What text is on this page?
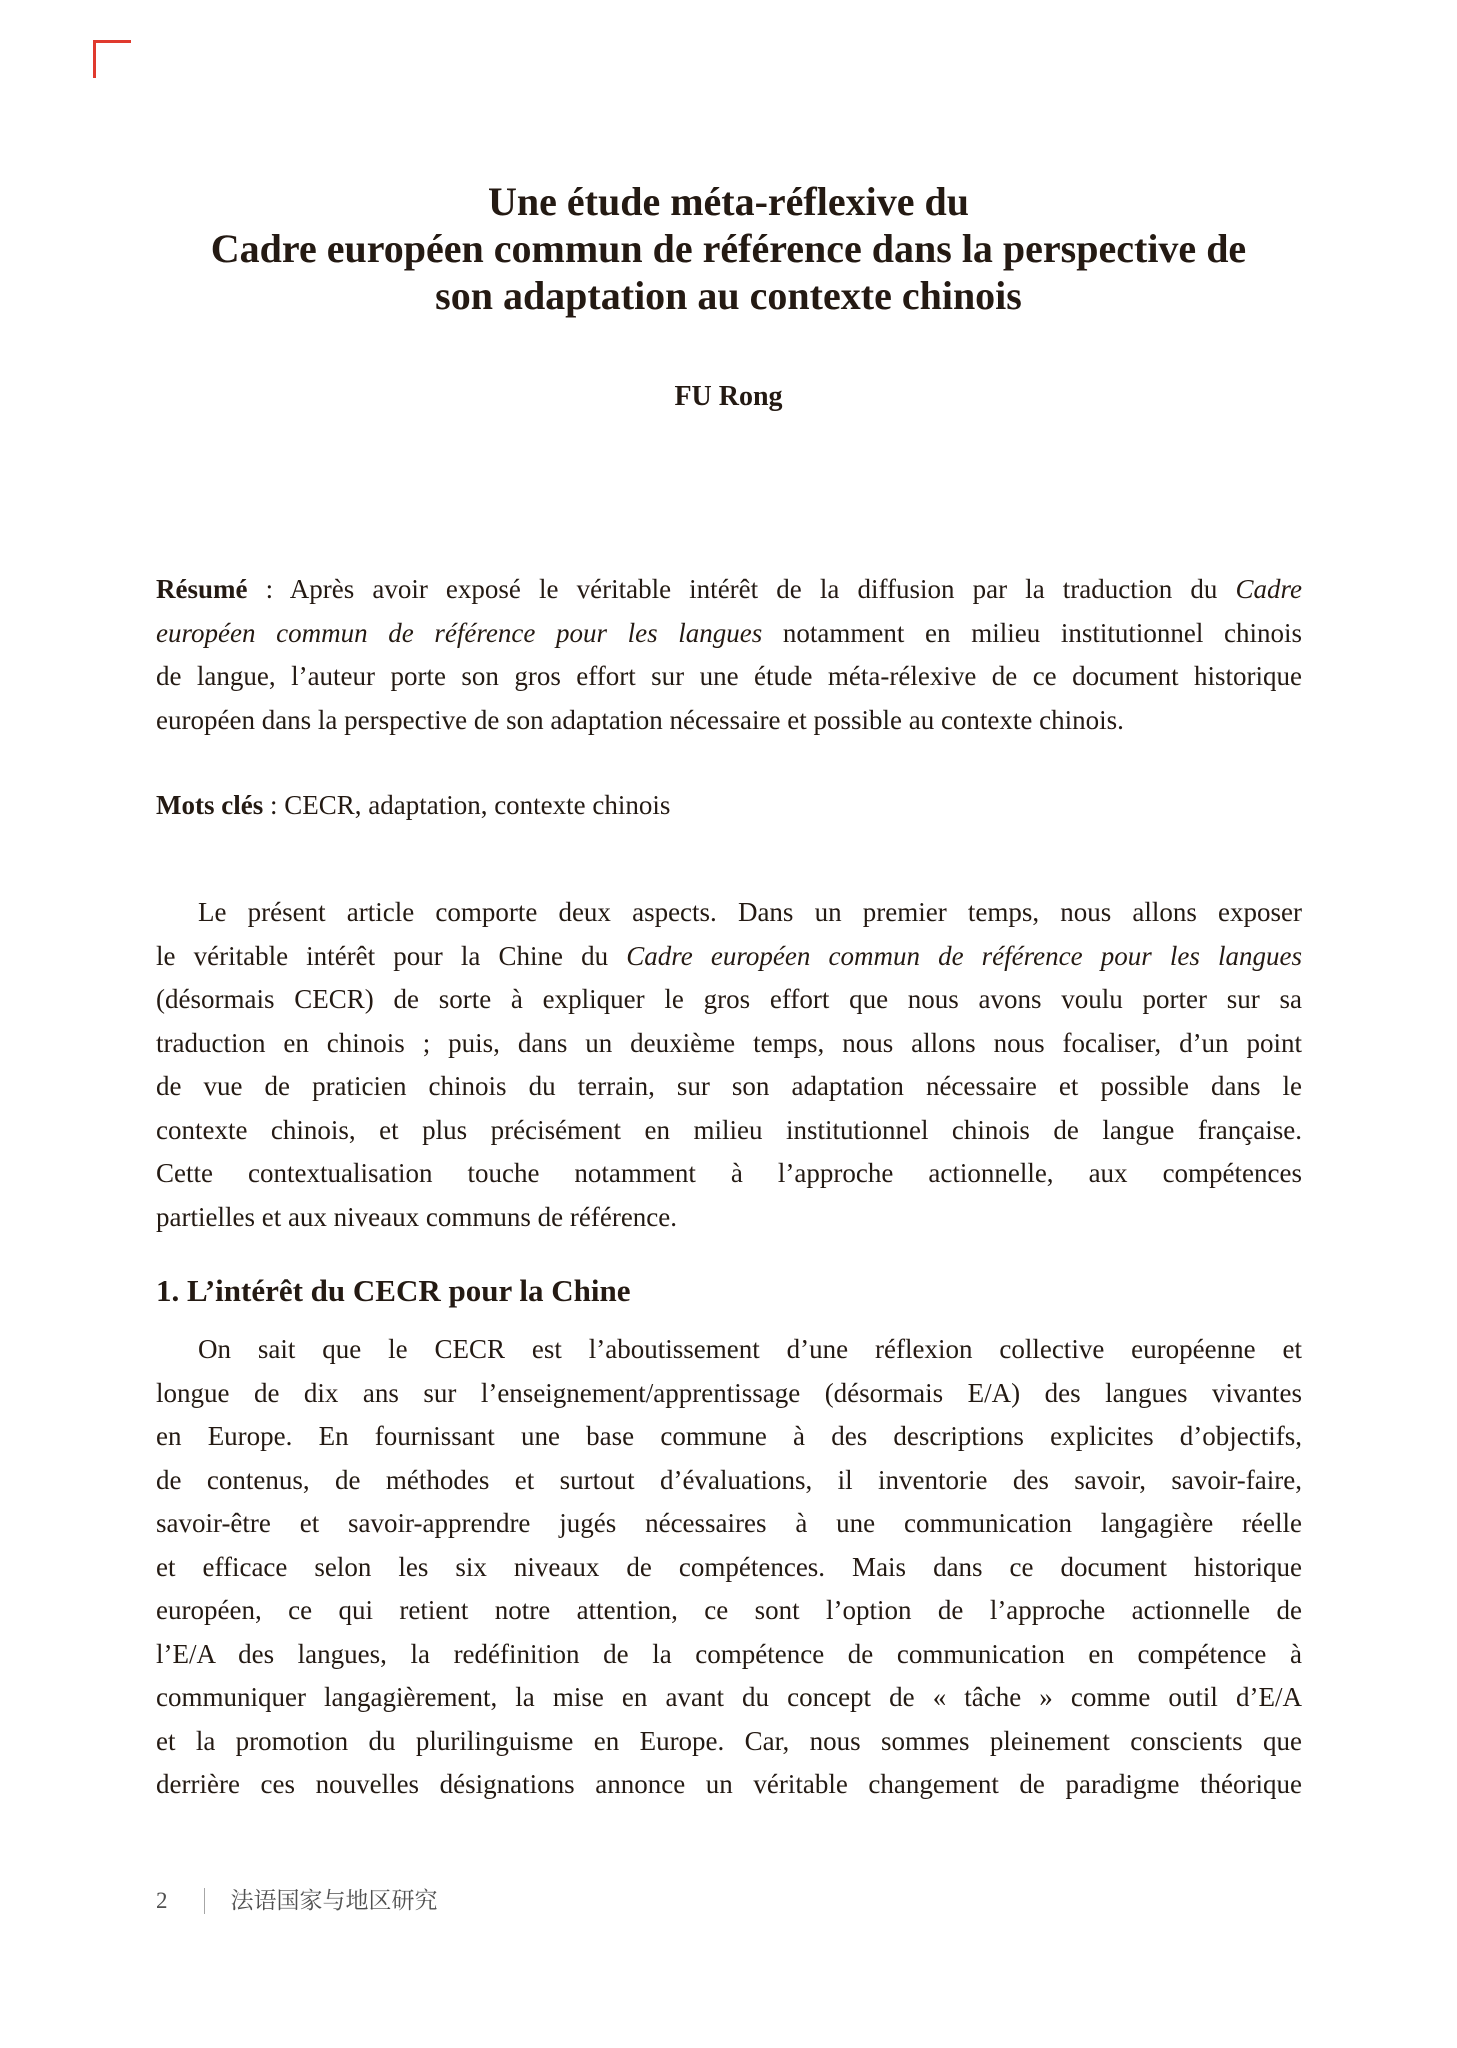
Une étude méta-réflexive du
Cadre européen commun de référence dans la perspective de
son adaptation au contexte chinois
FU Rong
Résumé : Après avoir exposé le véritable intérêt de la diffusion par la traduction du Cadre
européen commun de référence pour les langues notamment en milieu institutionnel chinois
de langue, l’auteur porte son gros effort sur une étude méta-rélexive de ce document historique
européen dans la perspective de son adaptation nécessaire et possible au contexte chinois.
Mots clés : CECR, adaptation, contexte chinois
Le présent article comporte deux aspects. Dans un premier temps, nous allons exposer
le véritable intérêt pour la Chine du Cadre européen commun de référence pour les langues
(désormais CECR) de sorte à expliquer le gros effort que nous avons voulu porter sur sa
traduction en chinois ; puis, dans un deuxième temps, nous allons nous focaliser, d’un point
de vue de praticien chinois du terrain, sur son adaptation nécessaire et possible dans le
contexte chinois, et plus précisément en milieu institutionnel chinois de langue française.
Cette contextualisation touche notamment à l’approche actionnelle, aux compétences
partielles et aux niveaux communs de référence.
1. L’intérêt du CECR pour la Chine
On sait que le CECR est l’aboutissement d’une réflexion collective européenne et
longue de dix ans sur l’enseignement/apprentissage (désormais E/A) des langues vivantes
en Europe. En fournissant une base commune à des descriptions explicites d’objectifs,
de contenus, de méthodes et surtout d’évaluations, il inventorie des savoir, savoir-faire,
savoir-être et savoir-apprendre jugés nécessaires à une communication langagière réelle
et efficace selon les six niveaux de compétences. Mais dans ce document historique
européen, ce qui retient notre attention, ce sont l’option de l’approche actionnelle de
l’E/A des langues, la redéfinition de la compétence de communication en compétence à
communiquer langagièrement, la mise en avant du concept de « tâche » comme outil d’E/A
et la promotion du plurilinguisme en Europe. Car, nous sommes pleinement conscients que
derrière ces nouvelles désignations annonce un véritable changement de paradigme théorique
2	法语国家与地区研究
